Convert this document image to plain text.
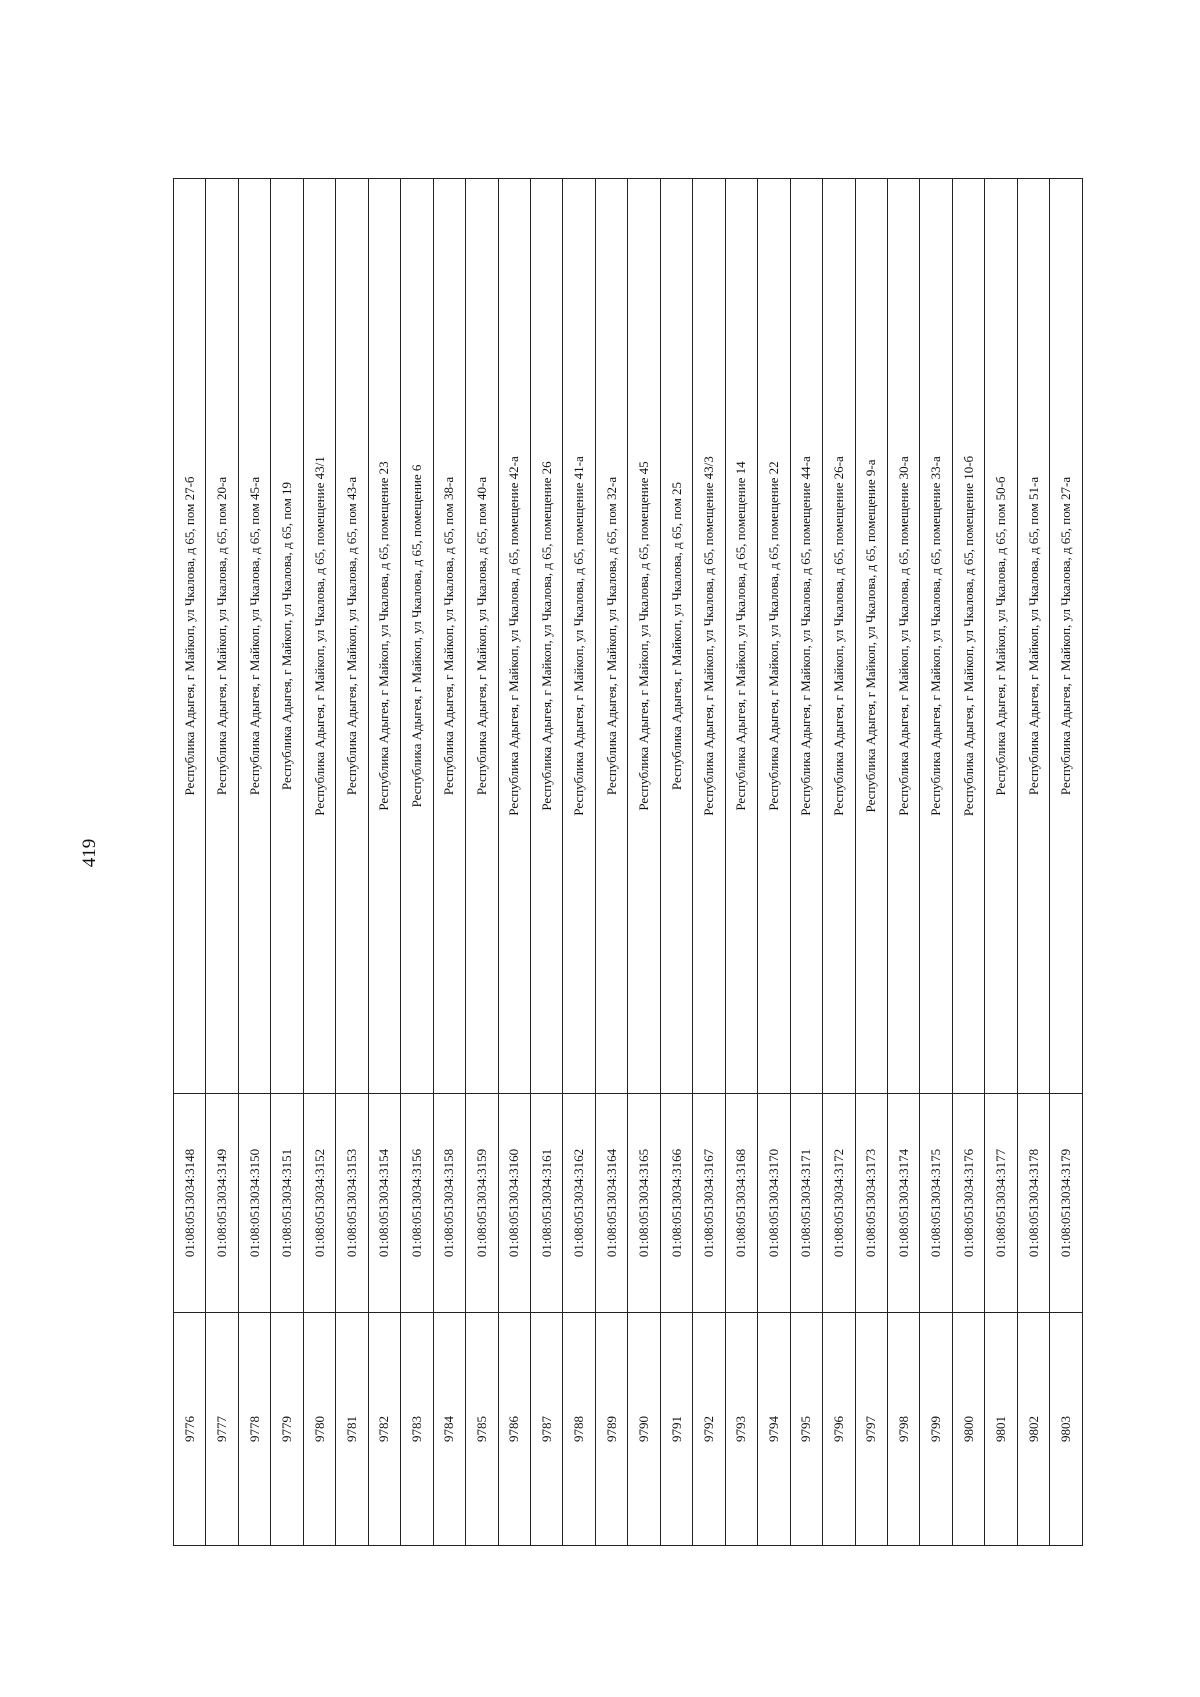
419
9776	01:08:0513034:3148	Республика Адыгея, г Майкоп, ул Чкалова, д 65, пом 27-б
9777	01:08:0513034:3149	Республика Адыгея, г Майкоп, ул Чкалова, д 65, пом 20-а
9778	01:08:0513034:3150	Республика Адыгея, г Майкоп, ул Чкалова, д 65, пом 45-а
9779	01:08:0513034:3151	Республика Адыгея, г Майкоп, ул Чкалова, д 65, пом 19
9780	01:08:0513034:3152	Республика Адыгея, г Майкоп, ул Чкалова, д 65, помещение 43/1
9781	01:08:0513034:3153	Республика Адыгея, г Майкоп, ул Чкалова, д 65, пом 43-а
9782	01:08:0513034:3154	Республика Адыгея, г Майкоп, ул Чкалова, д 65, помещение 23
9783	01:08:0513034:3156	Республика Адыгея, г Майкоп, ул Чкалова, д 65, помещение 6
9784	01:08:0513034:3158	Республика Адыгея, г Майкоп, ул Чкалова, д 65, пом 38-а
9785	01:08:0513034:3159	Республика Адыгея, г Майкоп, ул Чкалова, д 65, пом 40-а
9786	01:08:0513034:3160	Республика Адыгея, г Майкоп, ул Чкалова, д 65, помещение 42-а
9787	01:08:0513034:3161	Республика Адыгея, г Майкоп, ул Чкалова, д 65, помещение 26
9788	01:08:0513034:3162	Республика Адыгея, г Майкоп, ул Чкалова, д 65, помещение 41-а
9789	01:08:0513034:3164	Республика Адыгея, г Майкоп, ул Чкалова, д 65, пом 32-а
9790	01:08:0513034:3165	Республика Адыгея, г Майкоп, ул Чкалова, д 65, помещение 45
9791	01:08:0513034:3166	Республика Адыгея, г Майкоп, ул Чкалова, д 65, пом 25
9792	01:08:0513034:3167	Республика Адыгея, г Майкоп, ул Чкалова, д 65, помещение 43/3
9793	01:08:0513034:3168	Республика Адыгея, г Майкоп, ул Чкалова, д 65, помещение 14
9794	01:08:0513034:3170	Республика Адыгея, г Майкоп, ул Чкалова, д 65, помещение 22
9795	01:08:0513034:3171	Республика Адыгея, г Майкоп, ул Чкалова, д 65, помещение 44-а
9796	01:08:0513034:3172	Республика Адыгея, г Майкоп, ул Чкалова, д 65, помещение 26-а
9797	01:08:0513034:3173	Республика Адыгея, г Майкоп, ул Чкалова, д 65, помещение 9-а
9798	01:08:0513034:3174	Республика Адыгея, г Майкоп, ул Чкалова, д 65, помещение 30-а
9799	01:08:0513034:3175	Республика Адыгея, г Майкоп, ул Чкалова, д 65, помещение 33-а
9800	01:08:0513034:3176	Республика Адыгея, г Майкоп, ул Чкалова, д 65, помещение 10-б
9801	01:08:0513034:3177	Республика Адыгея, г Майкоп, ул Чкалова, д 65, пом 50-б
9802	01:08:0513034:3178	Республика Адыгея, г Майкоп, ул Чкалова, д 65, пом 51-а
9803	01:08:0513034:3179	Республика Адыгея, г Майкоп, ул Чкалова, д 65, пом 27-а
